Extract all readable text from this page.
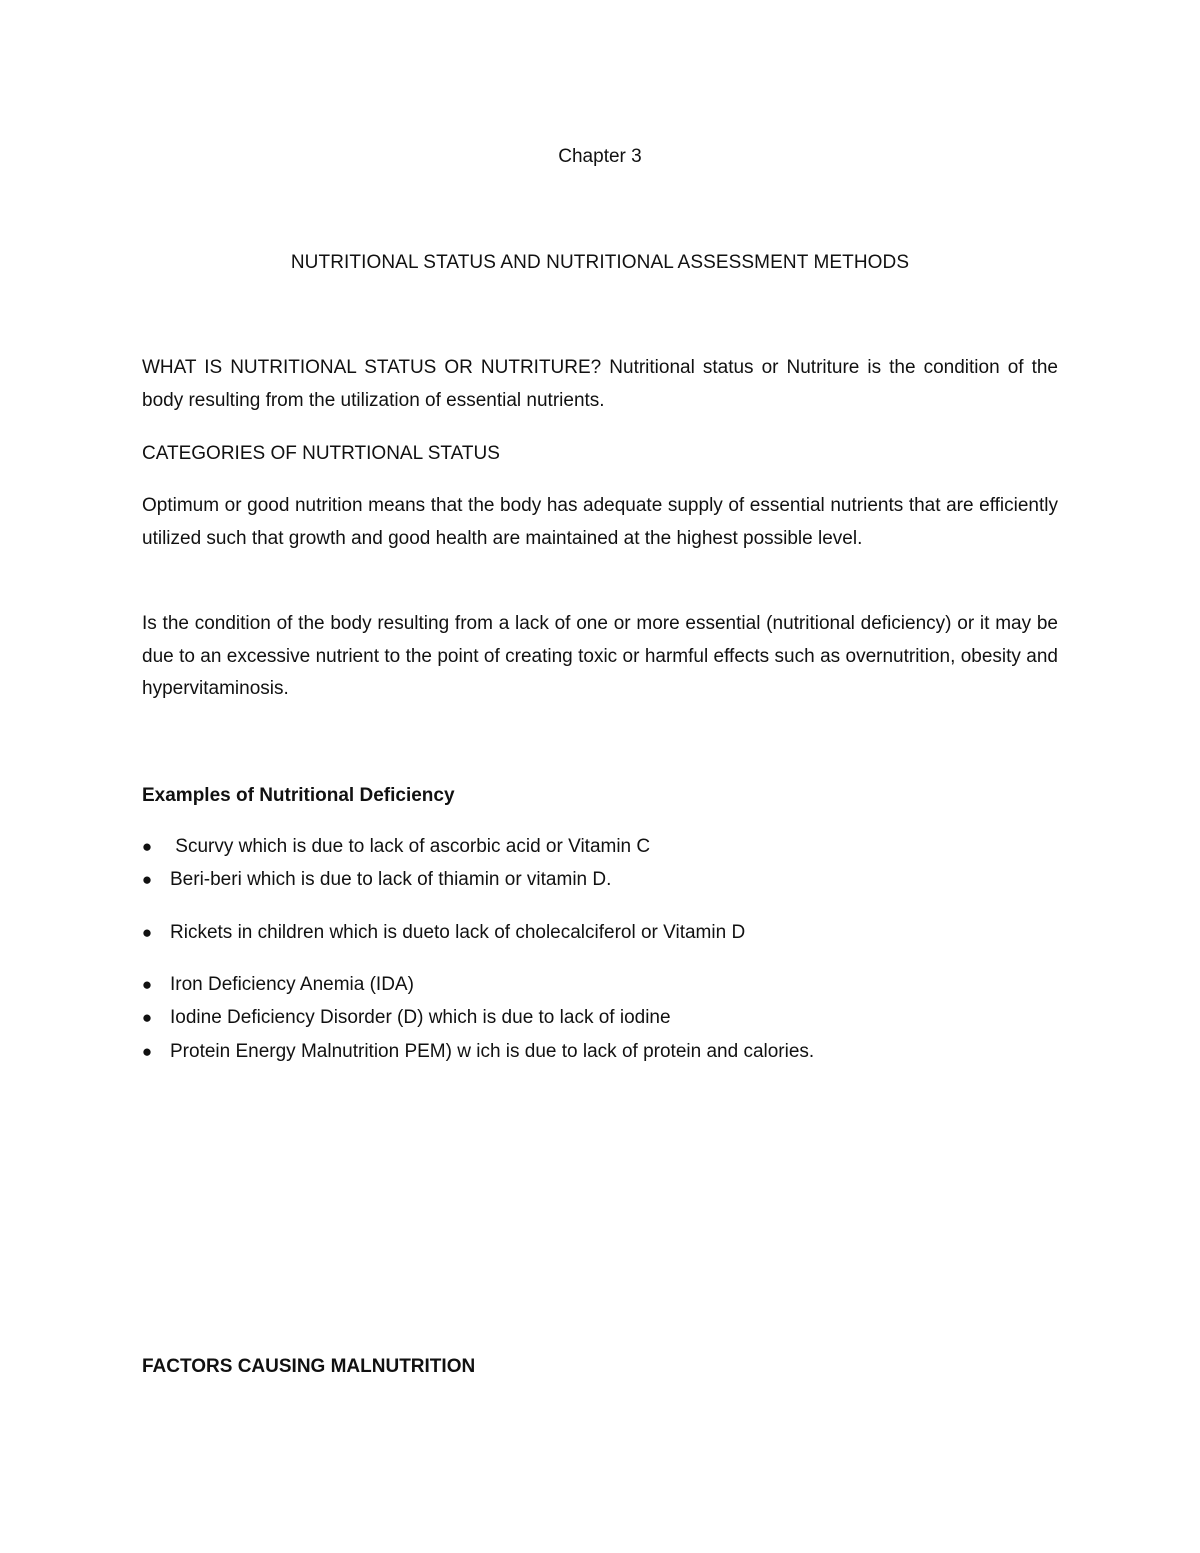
Chapter 3
NUTRITIONAL STATUS AND NUTRITIONAL ASSESSMENT METHODS

WHAT IS NUTRITIONAL STATUS OR NUTRITURE? Nutritional status or Nutriture is the condition of the body resulting from the utilization of essential nutrients.

CATEGORIES OF NUTRTIONAL STATUS

Optimum or good nutrition means that the body has adequate supply of essential nutrients that are efficiently utilized such that growth and good health are maintained at the highest possible level.

Is the condition of the body resulting from a lack of one or more essential (nutritional deficiency) or it may be due to an excessive nutrient to the point of creating toxic or harmful effects such as overnutrition, obesity and hypervitaminosis.

Examples of Nutritional Deficiency
● Scurvy which is due to lack of ascorbic acid or Vitamin C
● Beri-beri which is due to lack of thiamin or vitamin D.
● Rickets in children which is dueto lack of cholecalciferol or Vitamin D
● Iron Deficiency Anemia (IDA)
● Iodine Deficiency Disorder (D) which is due to lack of iodine
● Protein Energy Malnutrition PEM) w ich is due to lack of protein and calories.
FACTORS CAUSING MALNUTRITION
